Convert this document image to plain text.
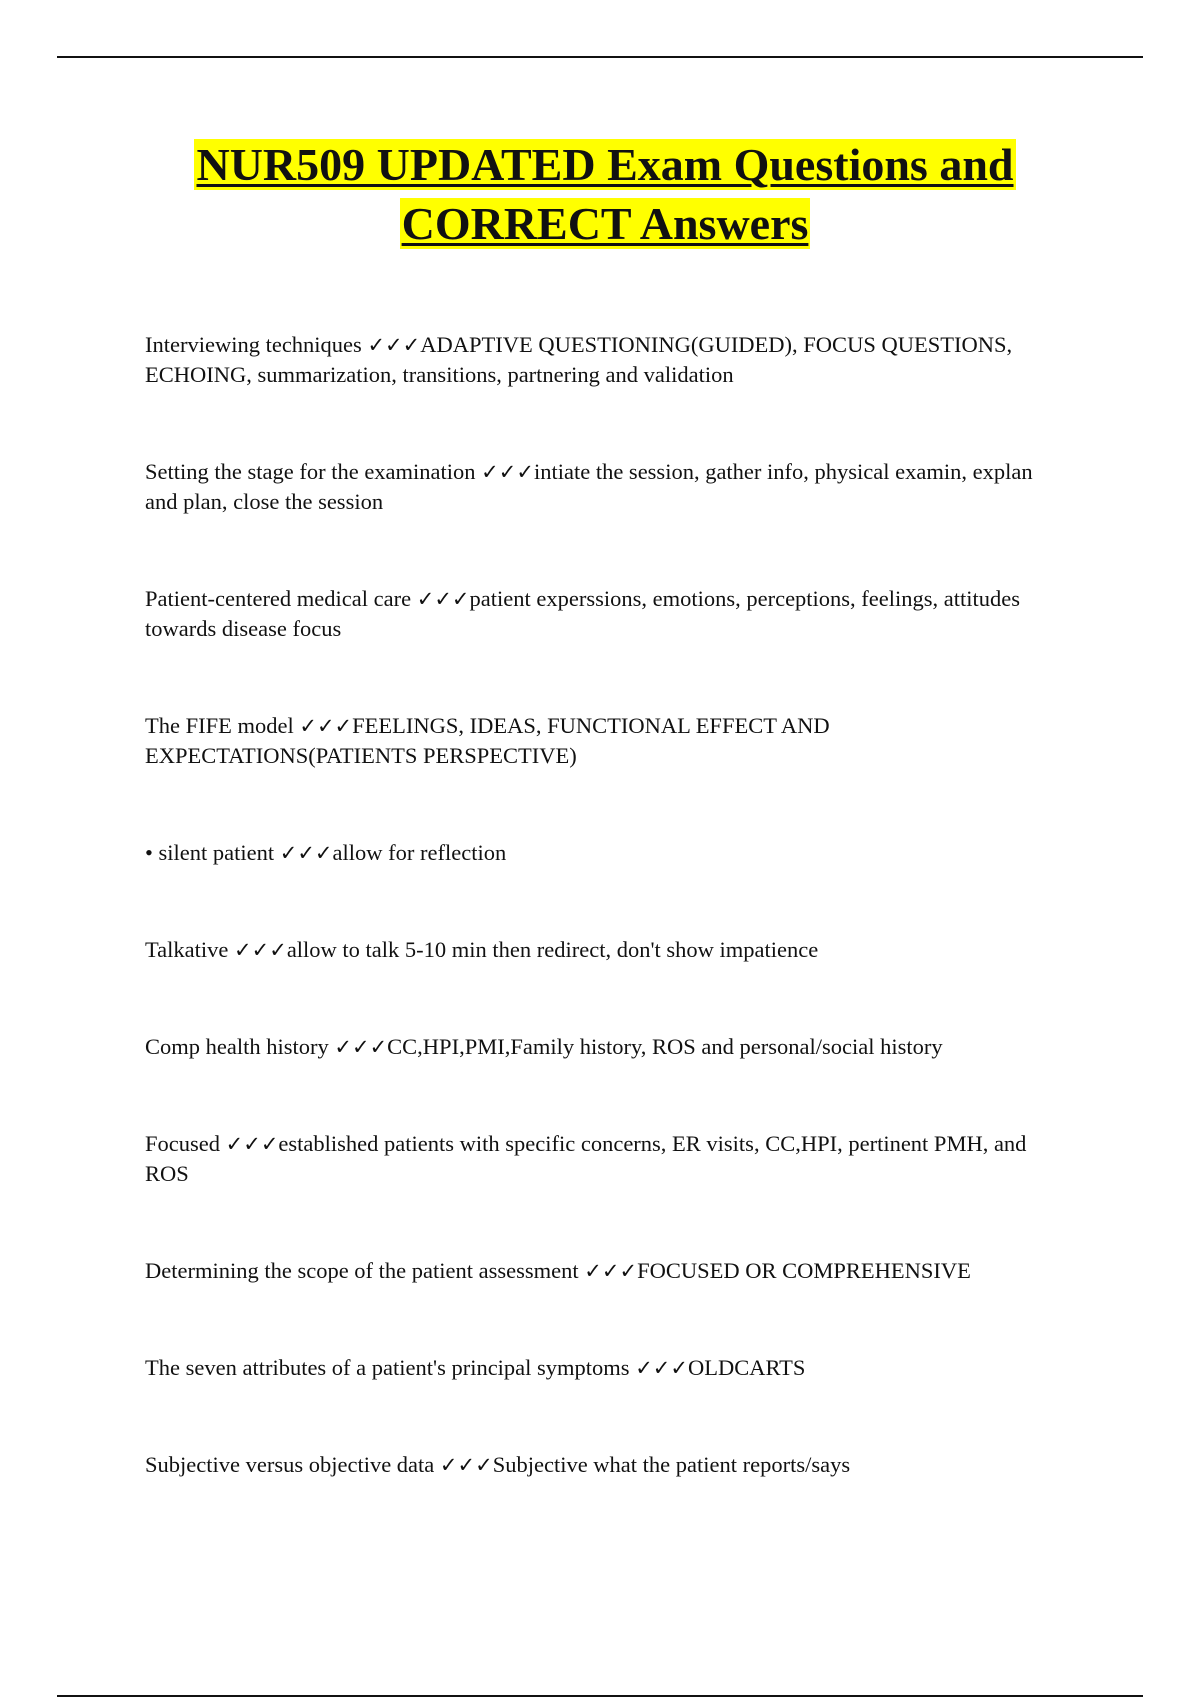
NUR509 UPDATED Exam Questions and
CORRECT Answers
Interviewing techniques ✓✓✓ADAPTIVE QUESTIONING(GUIDED), FOCUS QUESTIONS, ECHOING, summarization, transitions, partnering and validation
Setting the stage for the examination ✓✓✓intiate the session, gather info, physical examin, explan and plan, close the session
Patient-centered medical care ✓✓✓patient experssions, emotions, perceptions, feelings, attitudes towards disease focus
The FIFE model ✓✓✓FEELINGS, IDEAS, FUNCTIONAL EFFECT AND EXPECTATIONS(PATIENTS PERSPECTIVE)
• silent patient ✓✓✓allow for reflection
Talkative ✓✓✓allow to talk 5-10 min then redirect, don't show impatience
Comp health history ✓✓✓CC,HPI,PMI,Family history, ROS and personal/social history
Focused ✓✓✓established patients with specific concerns, ER visits, CC,HPI, pertinent PMH, and ROS
Determining the scope of the patient assessment ✓✓✓FOCUSED OR COMPREHENSIVE
The seven attributes of a patient's principal symptoms ✓✓✓OLDCARTS
Subjective versus objective data ✓✓✓Subjective what the patient reports/says
